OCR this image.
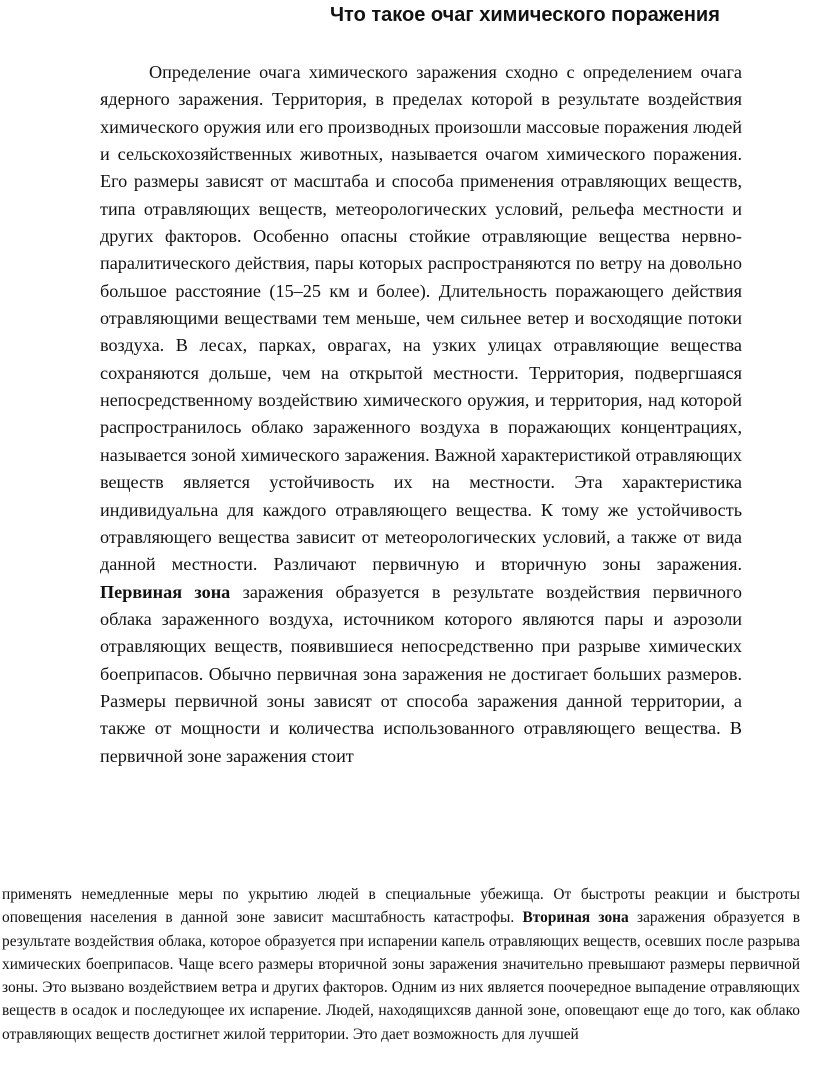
Что такое очаг химического поражения

Определение очага химического заражения сходно с определением очага ядерного заражения. Территория, в пределах которой в результате воздействия химического оружия или его производных произошли массовые поражения людей и сельскохозяйственных животных, называется очагом химического поражения. Его размеры зависят от масштаба и способа применения отравляющих веществ, типа отравляющих веществ, метеорологических условий, рельефа местности и других факторов. Особенно опасны стойкие отравляющие вещества нервно-паралитического действия, пары которых распространяются по ветру на довольно большое расстояние (15–25 км и более). Длительность поражающего действия отравляющими веществами тем меньше, чем сильнее ветер и восходящие потоки воздуха. В лесах, парках, оврагах, на узких улицах отравляющие вещества сохраняются дольше, чем на открытой местности. Территория, подвергшаяся непосредственному воздействию химического оружия, и территория, над которой распространилось облако зараженного воздуха в поражающих концентрациях, называется зоной химического заражения. Важной характеристикой отравляющих веществ является устойчивость их на местности. Эта характеристика индивидуальна для каждого отравляющего вещества. К тому же устойчивость отравляющего вещества зависит от метеорологических условий, а также от вида данной местности. Различают первичную и вторичную зоны заражения. Первиная зона заражения образуется в результате воздействия первичного облака зараженного воздуха, источником которого являются пары и аэрозоли отравляющих веществ, появившиеся непосредственно при разрыве химических боеприпасов. Обычно первичная зона заражения не достигает больших размеров. Размеры первичной зоны зависят от способа заражения данной территории, а также от мощности и количества использованного отравляющего вещества. В первичной зоне заражения стоит

применять немедленные меры по укрытию людей в специальные убежища. От быстроты реакции и быстроты оповещения населения в данной зоне зависит масштабность катастрофы. Вториная зона заражения образуется в результате воздействия облака, которое образуется при испарении капель отравляющих веществ, осевших после разрыва химических боеприпасов. Чаще всего размеры вторичной зоны заражения значительно превышают размеры первичной зоны. Это вызвано воздействием ветра и других факторов. Одним из них является поочередное выпадение отравляющих веществ в осадок и последующее их испарение. Людей, находящихсяв данной зоне, оповещают еще до того, как облако отравляющих веществ достигнет жилой территории. Это дает возможность для лучшей
